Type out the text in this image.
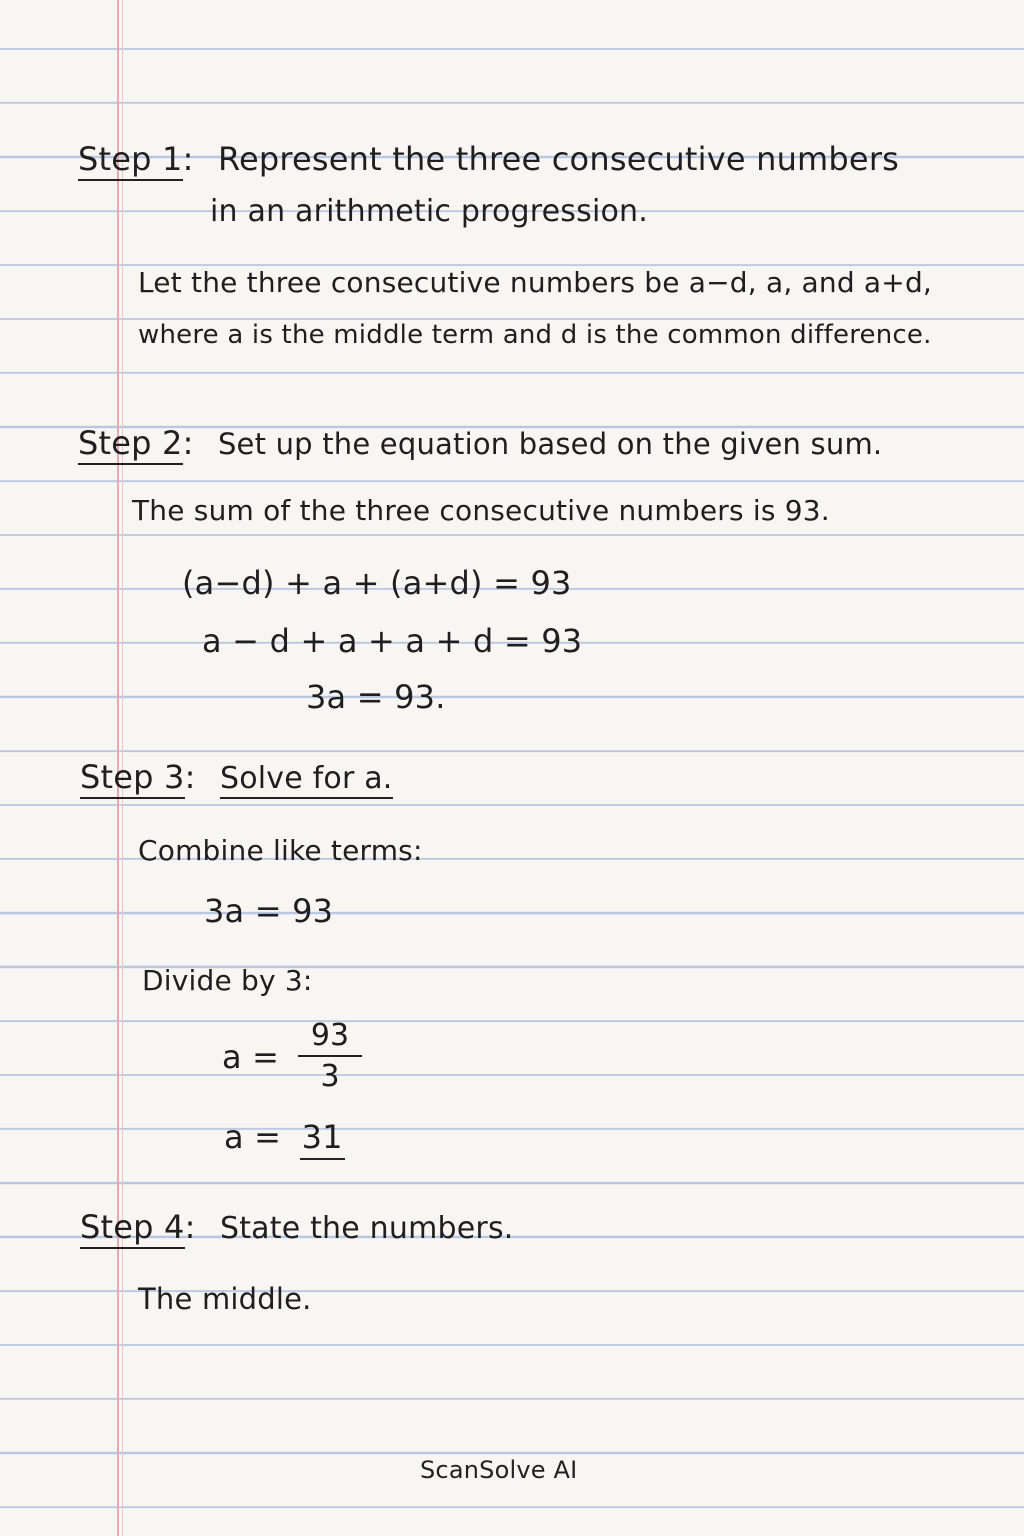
Step 1: Represent the three consecutive numbers
in an arithmetic progression.
Let the three consecutive numbers be a−d, a, and a+d,
where a is the middle term and d is the common difference.
Step 2: Set up the equation based on the given sum.
The sum of the three consecutive numbers is 93.
(a−d) + a + (a+d) = 93
a − d + a + a + d = 93
3a = 93.
Step 3: Solve for a.
Combine like terms:
3a = 93
Divide by 3:
$a = \frac{93}{3}$
a = 31
Step 4: State the numbers.
The middle.
ScanSolve AI
